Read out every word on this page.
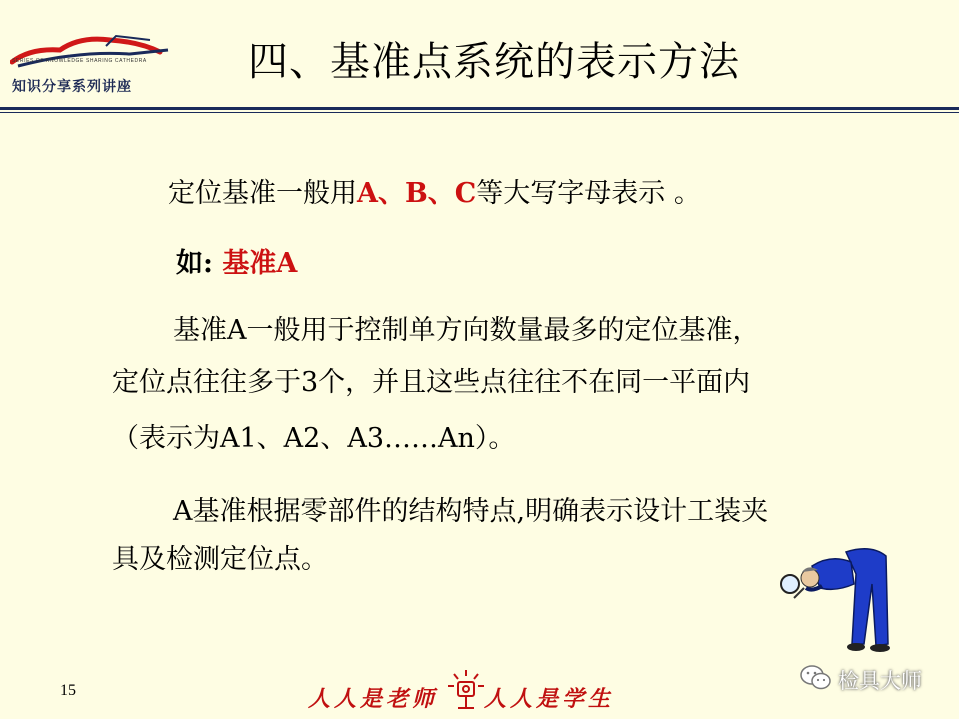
SERIES OF KNOWLEDGE SHARING CATHEDRA
知识分享系列讲座
四、基准点系统的表示方法
定位基准一般用A、B、C等大写字母表示 。
如: 基准A
基准A一般用于控制单方向数量最多的定位基准，
定位点往往多于3个，并且这些点往往不在同一平面内
（表示为A1、A2、A3……An）。
A基准根据零部件的结构特点,明确表示设计工装夹
具及检测定位点。
15	人人是老师 人人是学生
检具大师
